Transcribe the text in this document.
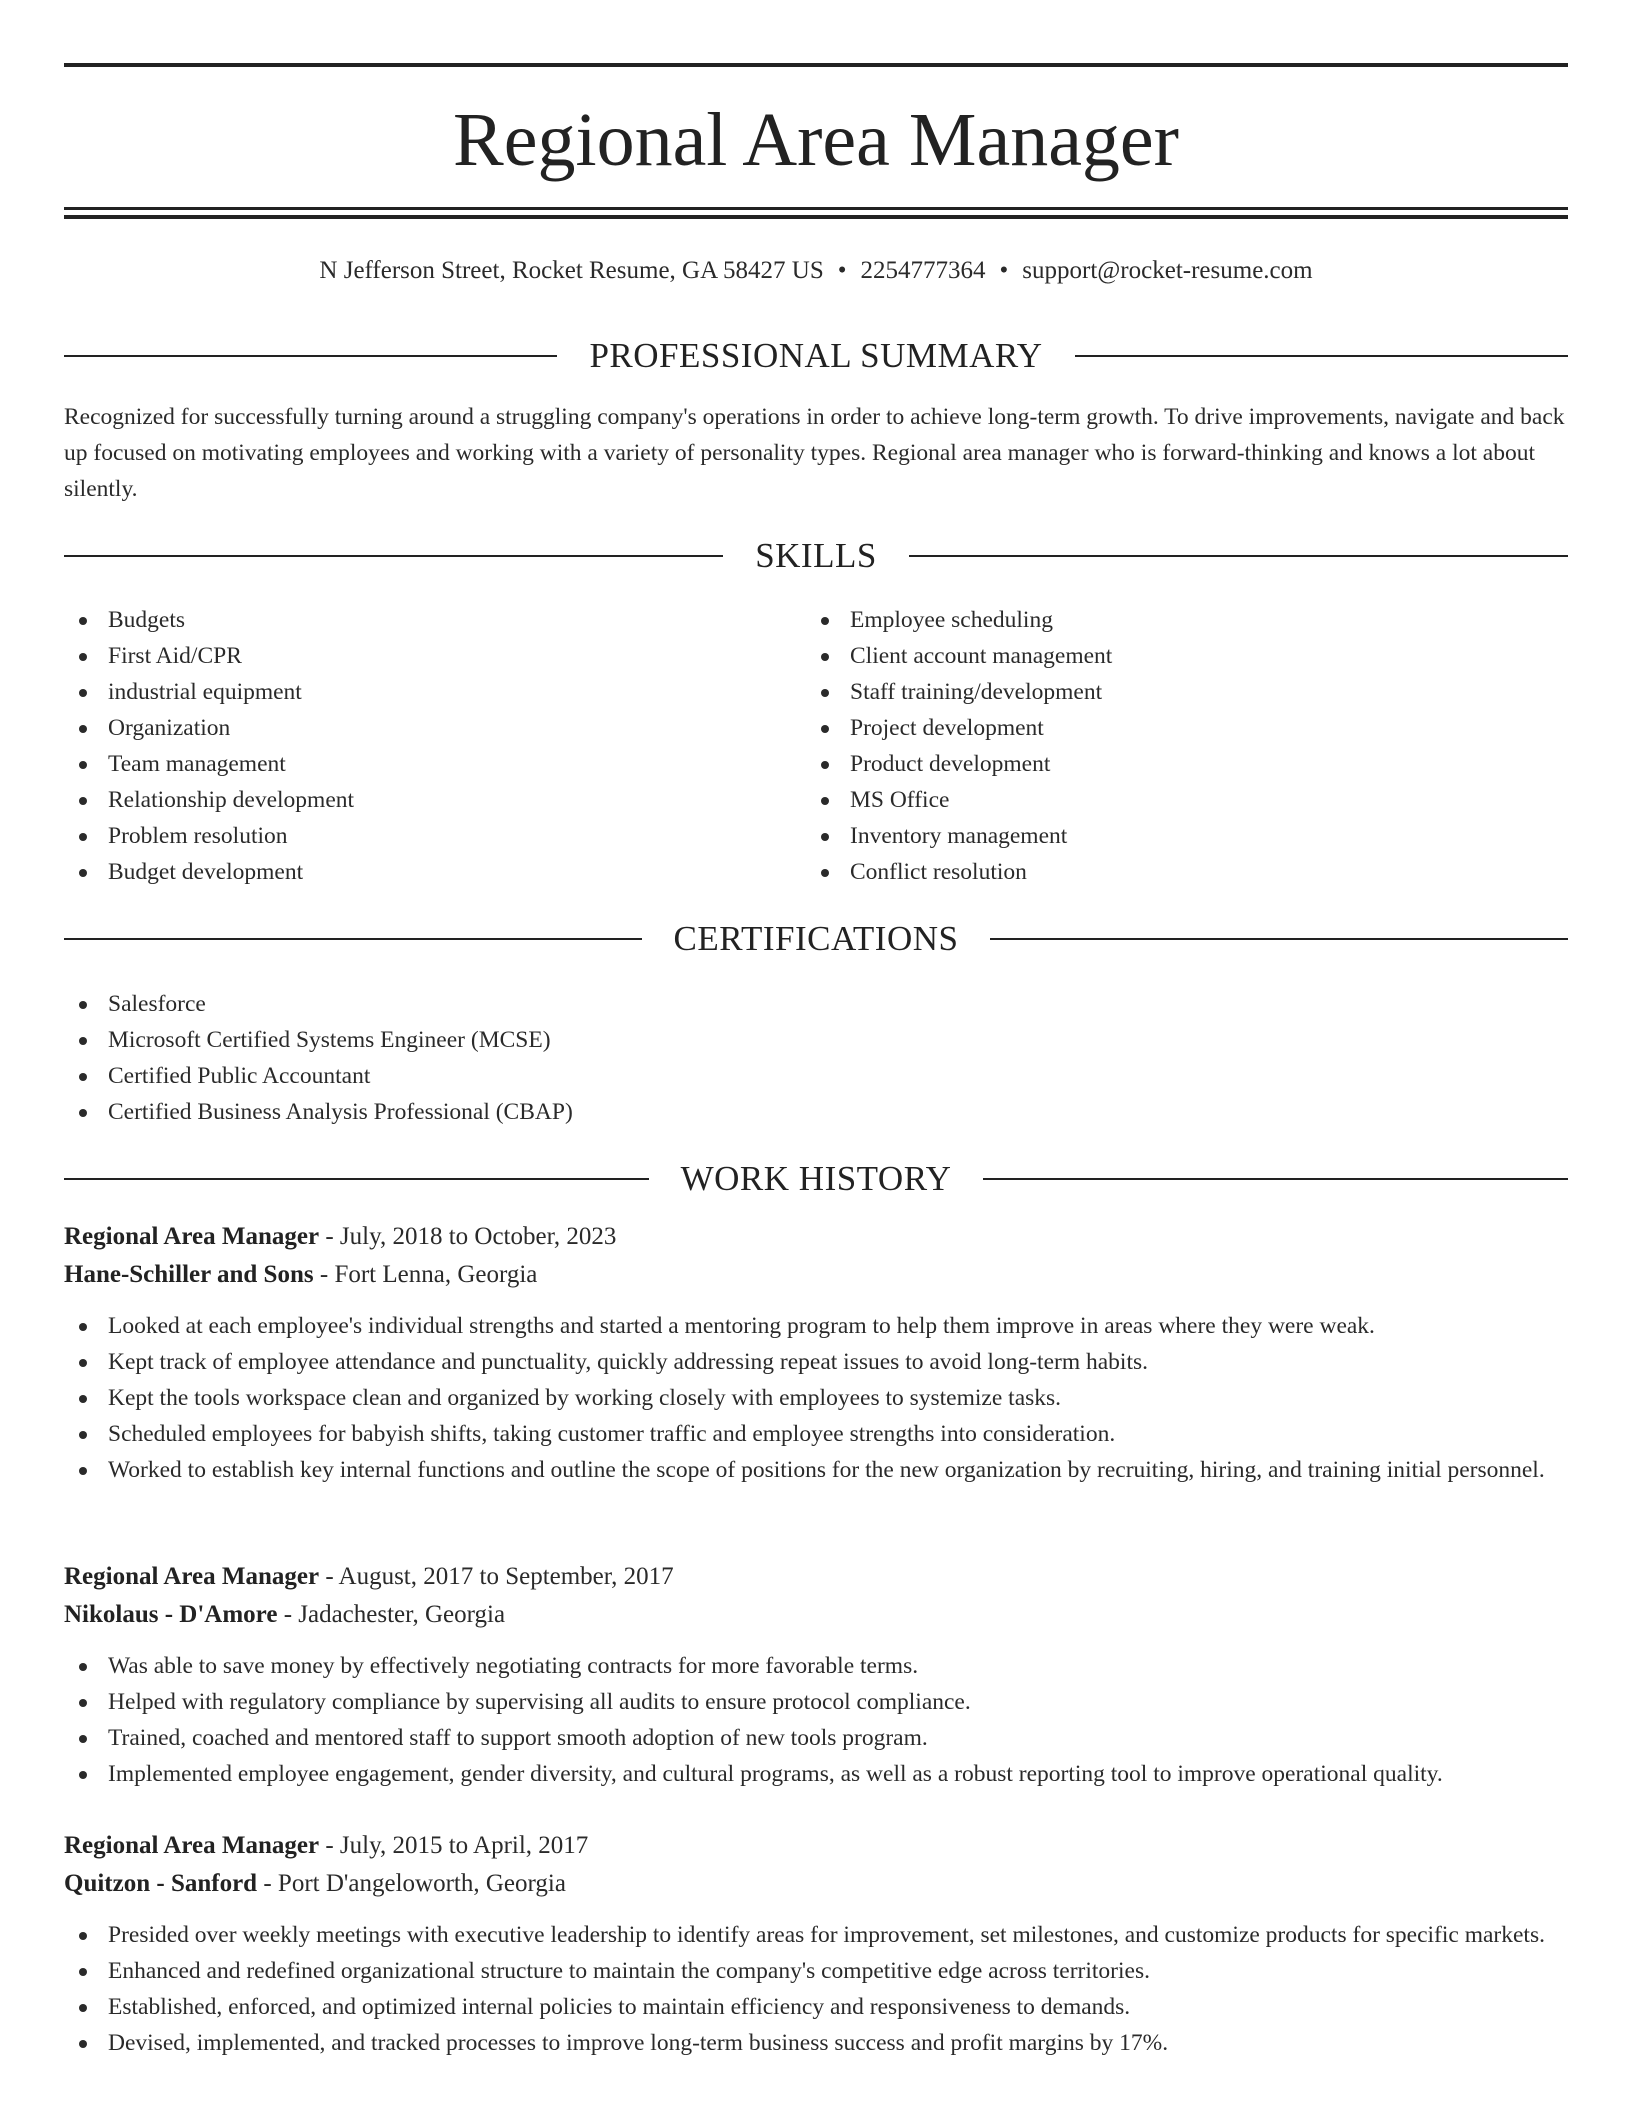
Regional Area Manager
N Jefferson Street, Rocket Resume, GA 58427 US • 2254777364 • support@rocket-resume.com
PROFESSIONAL SUMMARY

Recognized for successfully turning around a struggling company's operations in order to achieve long-term growth. To drive improvements, navigate and back up focused on motivating employees and working with a variety of personality types. Regional area manager who is forward-thinking and knows a lot about silently.

SKILLS
Budgets
First Aid/CPR
industrial equipment
Organization
Team management
Relationship development
Problem resolution
Budget development
Employee scheduling
Client account management
Staff training/development
Project development
Product development
MS Office
Inventory management
Conflict resolution
CERTIFICATIONS
Salesforce
Microsoft Certified Systems Engineer (MCSE)
Certified Public Accountant
Certified Business Analysis Professional (CBAP)
WORK HISTORY

Regional Area Manager - July, 2018 to October, 2023

Hane-Schiller and Sons - Fort Lenna, Georgia

Looked at each employee's individual strengths and started a mentoring program to help them improve in areas where they were weak.
Kept track of employee attendance and punctuality, quickly addressing repeat issues to avoid long-term habits.
Kept the tools workspace clean and organized by working closely with employees to systemize tasks.
Scheduled employees for babyish shifts, taking customer traffic and employee strengths into consideration.
Worked to establish key internal functions and outline the scope of positions for the new organization by recruiting, hiring, and training initial personnel.

Regional Area Manager - August, 2017 to September, 2017

Nikolaus - D'Amore - Jadachester, Georgia

Was able to save money by effectively negotiating contracts for more favorable terms.
Helped with regulatory compliance by supervising all audits to ensure protocol compliance.
Trained, coached and mentored staff to support smooth adoption of new tools program.
Implemented employee engagement, gender diversity, and cultural programs, as well as a robust reporting tool to improve operational quality.

Regional Area Manager - July, 2015 to April, 2017

Quitzon - Sanford - Port D'angeloworth, Georgia

Presided over weekly meetings with executive leadership to identify areas for improvement, set milestones, and customize products for specific markets.
Enhanced and redefined organizational structure to maintain the company's competitive edge across territories.
Established, enforced, and optimized internal policies to maintain efficiency and responsiveness to demands.
Devised, implemented, and tracked processes to improve long-term business success and profit margins by 17%.
